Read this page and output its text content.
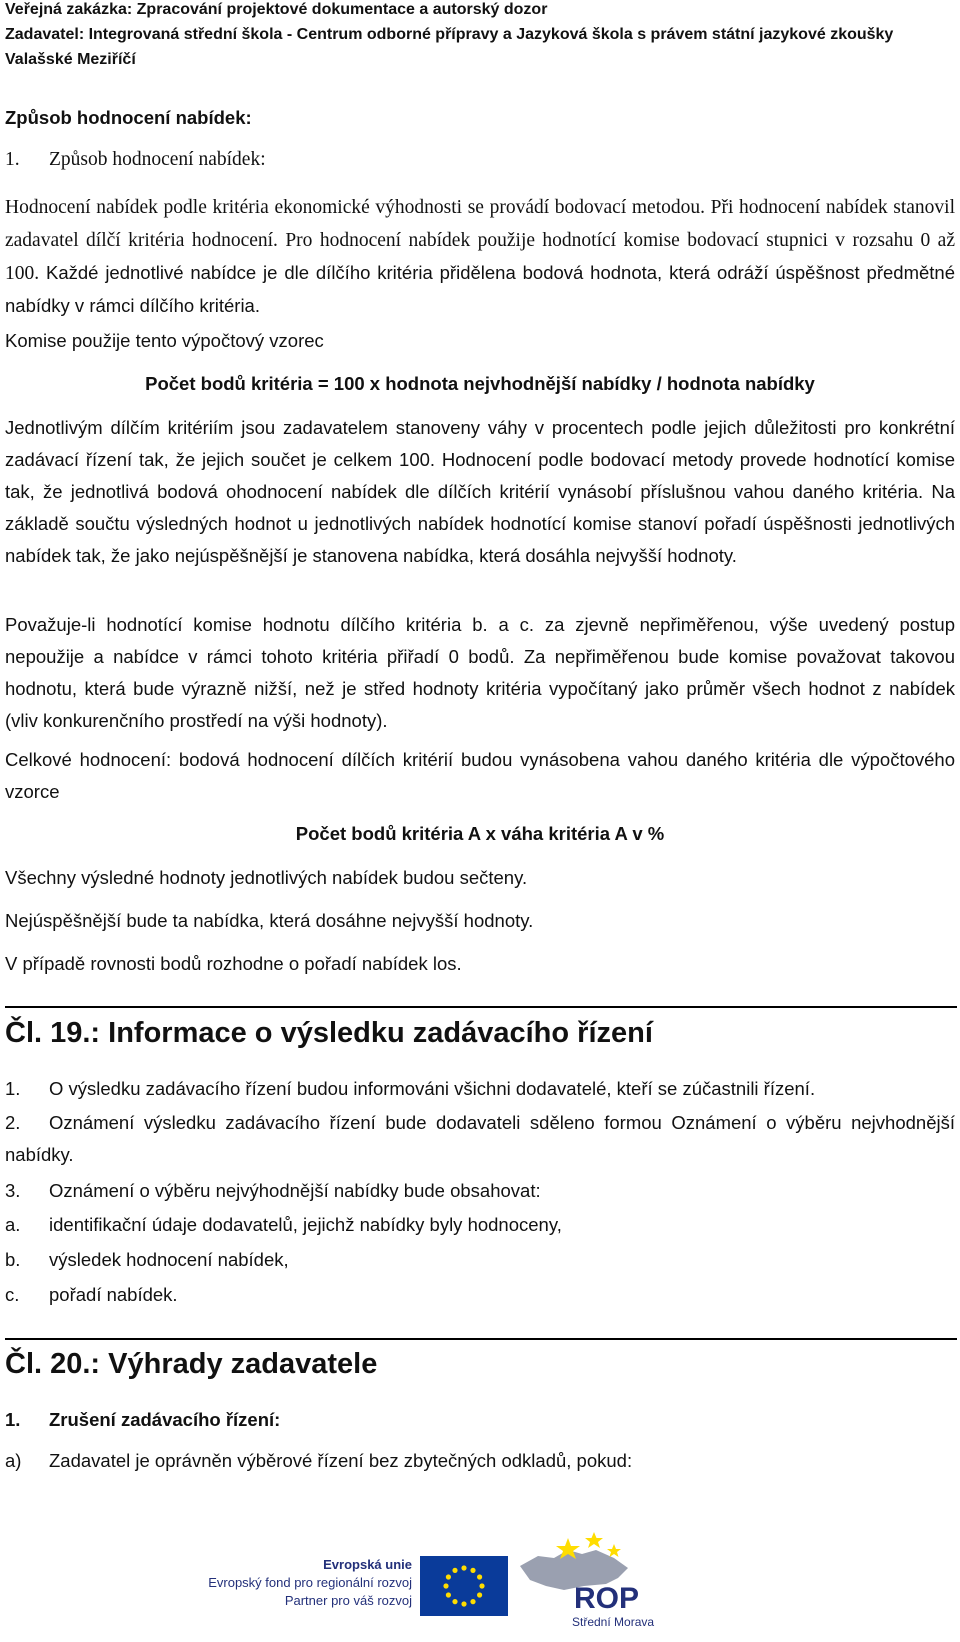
Veřejná zakázka: Zpracování projektové dokumentace a autorský dozor
Zadavatel: Integrovaná střední škola - Centrum odborné přípravy a Jazyková škola s právem státní jazykové zkoušky
Valašské Meziříčí
Způsob hodnocení nabídek:
1. Způsob hodnocení nabídek:
Hodnocení nabídek podle kritéria ekonomické výhodnosti se provádí bodovací metodou. Při hodnocení nabídek stanovil zadavatel dílčí kritéria hodnocení. Pro hodnocení nabídek použije hodnotící komise bodovací stupnici v rozsahu 0 až 100. Každé jednotlivé nabídce je dle dílčího kritéria přidělena bodová hodnota, která odráží úspěšnost předmětné nabídky v rámci dílčího kritéria.
Komise použije tento výpočtový vzorec
Počet bodů kritéria = 100 x hodnota nejvhodnější nabídky / hodnota nabídky
Jednotlivým dílčím kritériím jsou zadavatelem stanoveny váhy v procentech podle jejich důležitosti pro konkrétní zadávací řízení tak, že jejich součet je celkem 100. Hodnocení podle bodovací metody provede hodnotící komise tak, že jednotlivá bodová ohodnocení nabídek dle dílčích kritérií vynásobí příslušnou vahou daného kritéria. Na základě součtu výsledných hodnot u jednotlivých nabídek hodnotící komise stanoví pořadí úspěšnosti jednotlivých nabídek tak, že jako nejúspěšnější je stanovena nabídka, která dosáhla nejvyšší hodnoty.
Považuje-li hodnotící komise hodnotu dílčího kritéria b. a c. za zjevně nepřiměřenou, výše uvedený postup nepoužije a nabídce v rámci tohoto kritéria přiřadí 0 bodů. Za nepřiměřenou bude komise považovat takovou hodnotu, která bude výrazně nižší, než je střed hodnoty kritéria vypočítaný jako průměr všech hodnot z nabídek (vliv konkurenčního prostředí na výši hodnoty).
Celkové hodnocení: bodová hodnocení dílčích kritérií budou vynásobena vahou daného kritéria dle výpočtového vzorce
Počet bodů kritéria A x váha kritéria A v %
Všechny výsledné hodnoty jednotlivých nabídek budou sečteny.
Nejúspěšnější bude ta nabídka, která dosáhne nejvyšší hodnoty.
V případě rovnosti bodů rozhodne o pořadí nabídek los.
Čl. 19.: Informace o výsledku zadávacího řízení
1. O výsledku zadávacího řízení budou informováni všichni dodavatelé, kteří se zúčastnili řízení.
2. Oznámení výsledku zadávacího řízení bude dodavateli sděleno formou Oznámení o výběru nejvhodnější nabídky.
3. Oznámení o výběru nejvýhodnější nabídky bude obsahovat:
a. identifikační údaje dodavatelů, jejichž nabídky byly hodnoceny,
b. výsledek hodnocení nabídek,
c. pořadí nabídek.
Čl. 20.: Výhrady zadavatele
1. Zrušení zadávacího řízení:
a) Zadavatel je oprávněn výběrové řízení bez zbytečných odkladů, pokud:
Evropská unie
Evropský fond pro regionální rozvoj
Partner pro váš rozvoj	ROP
Střední Morava
